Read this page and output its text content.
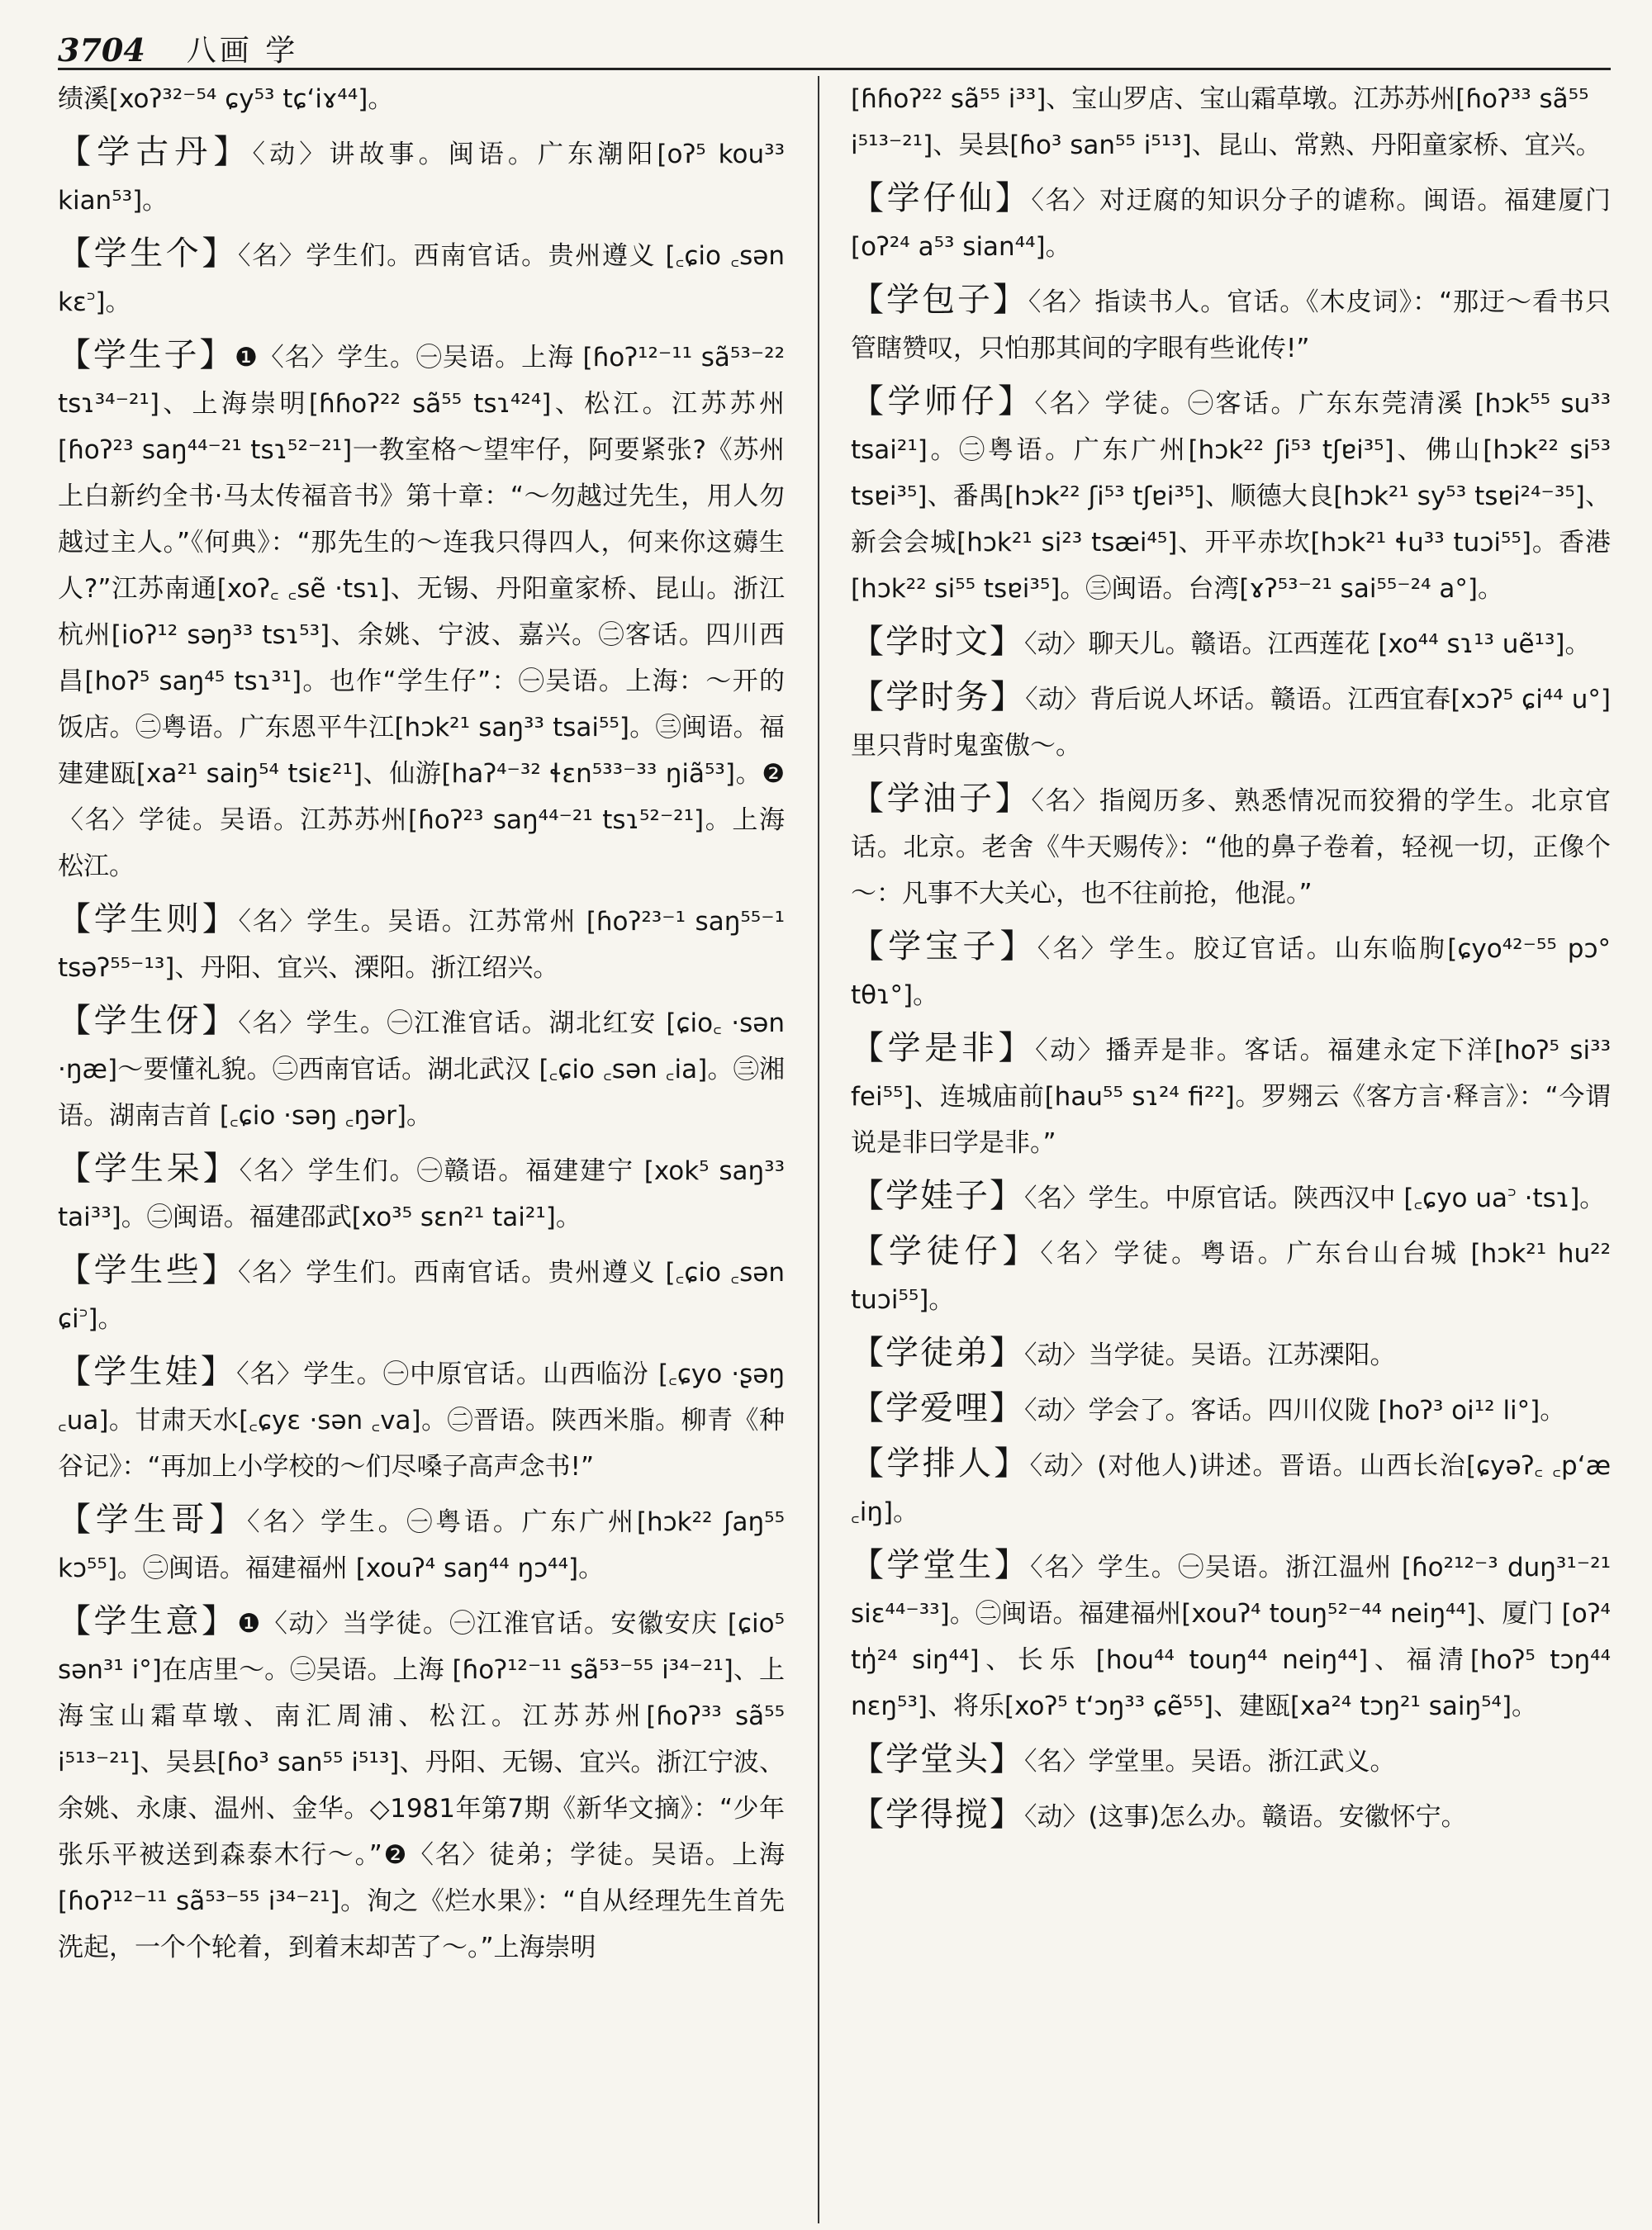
3704 八画 学

绩溪[xoʔ³²⁻⁵⁴ ɕy⁵³ tɕʻiɤ⁴⁴]。

【学古丹】〈动〉讲故事。闽语。广东潮阳[oʔ⁵ kou³³ kian⁵³]。

【学生个】〈名〉学生们。西南官话。贵州遵义 [꜀ɕio ꜀sən kɛ꜄]。

【学生子】❶〈名〉学生。㊀吴语。上海 [ɦoʔ¹²⁻¹¹ sã⁵³⁻²² tsɿ³⁴⁻²¹]、上海崇明[ɦɦoʔ²² sã⁵⁵ tsɿ⁴²⁴]、松江。江苏苏州[ɦoʔ²³ saŋ⁴⁴⁻²¹ tsɿ⁵²⁻²¹]一教室格～望牢仔，阿要紧张?《苏州上白新约全书·马太传福音书》第十章：“～勿越过先生，用人勿越过主人。”《何典》：“那先生的～连我只得四人，何来你这薅生人?”江苏南通[xoʔ꜀ ꜀sẽ ·tsɿ]、无锡、丹阳童家桥、昆山。浙江杭州[ioʔ¹² səŋ³³ tsɿ⁵³]、余姚、宁波、嘉兴。㊁客话。四川西昌[hoʔ⁵ saŋ⁴⁵ tsɿ³¹]。也作“学生仔”：㊀吴语。上海：～开的饭店。㊁粤语。广东恩平牛江[hɔk²¹ saŋ³³ tsai⁵⁵]。㊂闽语。福建建瓯[xa²¹ saiŋ⁵⁴ tsiɛ²¹]、仙游[haʔ⁴⁻³² ɬɛn⁵³³⁻³³ ŋiã⁵³]。❷〈名〉学徒。吴语。江苏苏州[ɦoʔ²³ saŋ⁴⁴⁻²¹ tsɿ⁵²⁻²¹]。上海松江。

【学生则】〈名〉学生。吴语。江苏常州 [ɦoʔ²³⁻¹ saŋ⁵⁵⁻¹ tsəʔ⁵⁵⁻¹³]、丹阳、宜兴、溧阳。浙江绍兴。

【学生伢】〈名〉学生。㊀江淮官话。湖北红安 [ɕio꜀ ·sən ·ŋæ]～要懂礼貌。㊁西南官话。湖北武汉 [꜀ɕio ꜀sən ꜀ia]。㊂湘语。湖南吉首 [꜀ɕio ·səŋ ꜀ŋər]。

【学生呆】〈名〉学生们。㊀赣语。福建建宁 [xok⁵ saŋ³³ tai³³]。㊁闽语。福建邵武[xo³⁵ sɛn²¹ tai²¹]。

【学生些】〈名〉学生们。西南官话。贵州遵义 [꜀ɕio ꜀sən ɕi꜄]。

【学生娃】〈名〉学生。㊀中原官话。山西临汾 [꜀ɕyo ·ʂəŋ ꜀ua]。甘肃天水[꜀ɕyɛ ·sən ꜀va]。㊁晋语。陕西米脂。柳青《种谷记》：“再加上小学校的～们尽嗓子高声念书!”

【学生哥】〈名〉学生。㊀粤语。广东广州[hɔk²² ʃaŋ⁵⁵ kɔ⁵⁵]。㊁闽语。福建福州 [xouʔ⁴ saŋ⁴⁴ ŋɔ⁴⁴]。

【学生意】❶〈动〉当学徒。㊀江淮官话。安徽安庆 [ɕio⁵ sən³¹ i°]在店里～。㊁吴语。上海 [ɦoʔ¹²⁻¹¹ sã⁵³⁻⁵⁵ i³⁴⁻²¹]、上海宝山霜草墩、南汇周浦、松江。江苏苏州[ɦoʔ³³ sã⁵⁵ i⁵¹³⁻²¹]、吴县[ɦo³ san⁵⁵ i⁵¹³]、丹阳、无锡、宜兴。浙江宁波、余姚、永康、温州、金华。◇1981年第7期《新华文摘》：“少年张乐平被送到森泰木行～。”❷〈名〉徒弟；学徒。吴语。上海 [ɦoʔ¹²⁻¹¹ sã⁵³⁻⁵⁵ i³⁴⁻²¹]。洵之《烂水果》：“自从经理先生首先洗起，一个个轮着，到着末却苦了～。”上海崇明

[ɦɦoʔ²² sã⁵⁵ i³³]、宝山罗店、宝山霜草墩。江苏苏州[ɦoʔ³³ sã⁵⁵ i⁵¹³⁻²¹]、吴县[ɦo³ san⁵⁵ i⁵¹³]、昆山、常熟、丹阳童家桥、宜兴。

【学仔仙】〈名〉对迂腐的知识分子的谑称。闽语。福建厦门[oʔ²⁴ a⁵³ sian⁴⁴]。

【学包子】〈名〉指读书人。官话。《木皮词》：“那迂～看书只管瞎赞叹，只怕那其间的字眼有些讹传!”

【学师仔】〈名〉学徒。㊀客话。广东东莞清溪 [hɔk⁵⁵ su³³ tsai²¹]。㊁粤语。广东广州[hɔk²² ʃi⁵³ tʃɐi³⁵]、佛山[hɔk²² si⁵³ tsɐi³⁵]、番禺[hɔk²² ʃi⁵³ tʃɐi³⁵]、顺德大良[hɔk²¹ sy⁵³ tsɐi²⁴⁻³⁵]、新会会城[hɔk²¹ si²³ tsæi⁴⁵]、开平赤坎[hɔk²¹ ɬu³³ tuɔi⁵⁵]。香港[hɔk²² si⁵⁵ tsɐi³⁵]。㊂闽语。台湾[ɤʔ⁵³⁻²¹ sai⁵⁵⁻²⁴ a°]。

【学时文】〈动〉聊天儿。赣语。江西莲花 [xo⁴⁴ sɿ¹³ uẽ¹³]。

【学时务】〈动〉背后说人坏话。赣语。江西宜春[xɔʔ⁵ ɕi⁴⁴ u°]里只背时鬼蛮傲～。

【学油子】〈名〉指阅历多、熟悉情况而狡猾的学生。北京官话。北京。老舍《牛天赐传》：“他的鼻子卷着，轻视一切，正像个～：凡事不大关心，也不往前抢，他混。”

【学宝子】〈名〉学生。胶辽官话。山东临朐[ɕyo⁴²⁻⁵⁵ pɔ° tθɿ°]。

【学是非】〈动〉播弄是非。客话。福建永定下洋[hoʔ⁵ si³³ fei⁵⁵]、连城庙前[hau⁵⁵ sɿ²⁴ fi²²]。罗翙云《客方言·释言》：“今谓说是非曰学是非。”

【学娃子】〈名〉学生。中原官话。陕西汉中 [꜀ɕyo ua꜄ ·tsɿ]。

【学徒仔】〈名〉学徒。粤语。广东台山台城 [hɔk²¹ hu²² tuɔi⁵⁵]。

【学徒弟】〈动〉当学徒。吴语。江苏溧阳。

【学爱哩】〈动〉学会了。客话。四川仪陇 [hoʔ³ oi¹² li°]。

【学排人】〈动〉(对他人)讲述。晋语。山西长治[ɕyəʔ꜀ ꜀pʻæ ꜀iŋ]。

【学堂生】〈名〉学生。㊀吴语。浙江温州 [ɦo²¹²⁻³ duŋ³¹⁻²¹ siɛ⁴⁴⁻³³]。㊁闽语。福建福州[xouʔ⁴ touŋ⁵²⁻⁴⁴ neiŋ⁴⁴]、厦门 [oʔ⁴ tŋ̍²⁴ siŋ⁴⁴]、长乐 [hou⁴⁴ touŋ⁴⁴ neiŋ⁴⁴]、福清[hoʔ⁵ tɔŋ⁴⁴ nɛŋ⁵³]、将乐[xoʔ⁵ tʻɔŋ³³ ɕẽ⁵⁵]、建瓯[xa²⁴ tɔŋ²¹ saiŋ⁵⁴]。

【学堂头】〈名〉学堂里。吴语。浙江武义。

【学得搅】〈动〉(这事)怎么办。赣语。安徽怀宁。
